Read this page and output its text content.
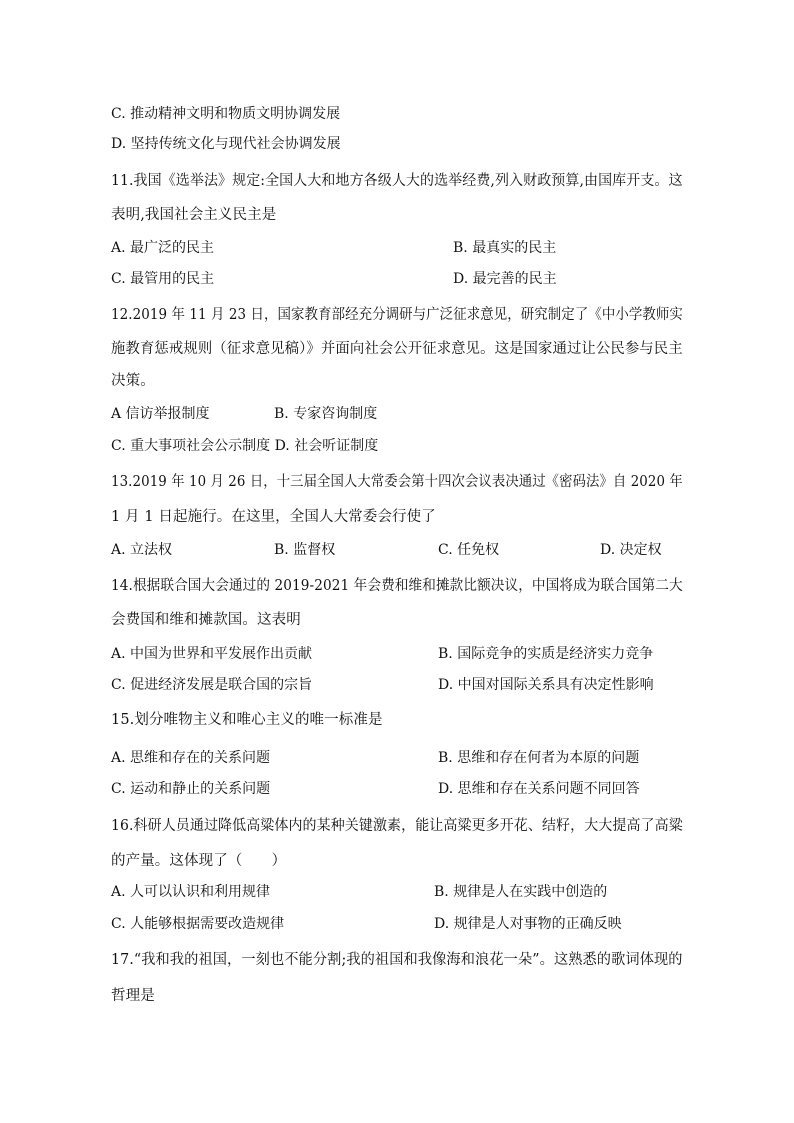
C. 推动精神文明和物质文明协调发展
D. 坚持传统文化与现代社会协调发展
11.我国《选举法》规定:全国人大和地方各级人大的选举经费,列入财政预算,由国库开支。这
表明,我国社会主义民主是
A. 最广泛的民主	B. 最真实的民主
C. 最管用的民主	D. 最完善的民主
12.2019 年 11 月 23 日，国家教育部经充分调研与广泛征求意见，研究制定了《中小学教师实
施教育惩戒规则（征求意见稿）》并面向社会公开征求意见。这是国家通过让公民参与民主
决策。
A 信访举报制度	B. 专家咨询制度
C. 重大事项社会公示制度 D. 社会听证制度
13.2019 年 10 月 26 日，十三届全国人大常委会第十四次会议表决通过《密码法》自 2020 年
1 月 1 日起施行。在这里，全国人大常委会行使了
A. 立法权	B. 监督权	C. 任免权	D. 决定权
14.根据联合国大会通过的 2019-2021 年会费和维和摊款比额决议，中国将成为联合国第二大
会费国和维和摊款国。这表明
A. 中国为世界和平发展作出贡献	B. 国际竞争的实质是经济实力竞争
C. 促进经济发展是联合国的宗旨	D. 中国对国际关系具有决定性影响
15.划分唯物主义和唯心主义的唯一标准是
A. 思维和存在的关系问题	B. 思维和存在何者为本原的问题
C. 运动和静止的关系问题	D. 思维和存在关系问题不同回答
16.科研人员通过降低高粱体内的某种关键激素，能让高粱更多开花、结籽，大大提高了高粱
的产量。这体现了（　　）
A. 人可以认识和利用规律	B. 规律是人在实践中创造的
C. 人能够根据需要改造规律	D. 规律是人对事物的正确反映
17.“我和我的祖国，一刻也不能分割;我的祖国和我像海和浪花一朵”。这熟悉的歌词体现的
哲理是
